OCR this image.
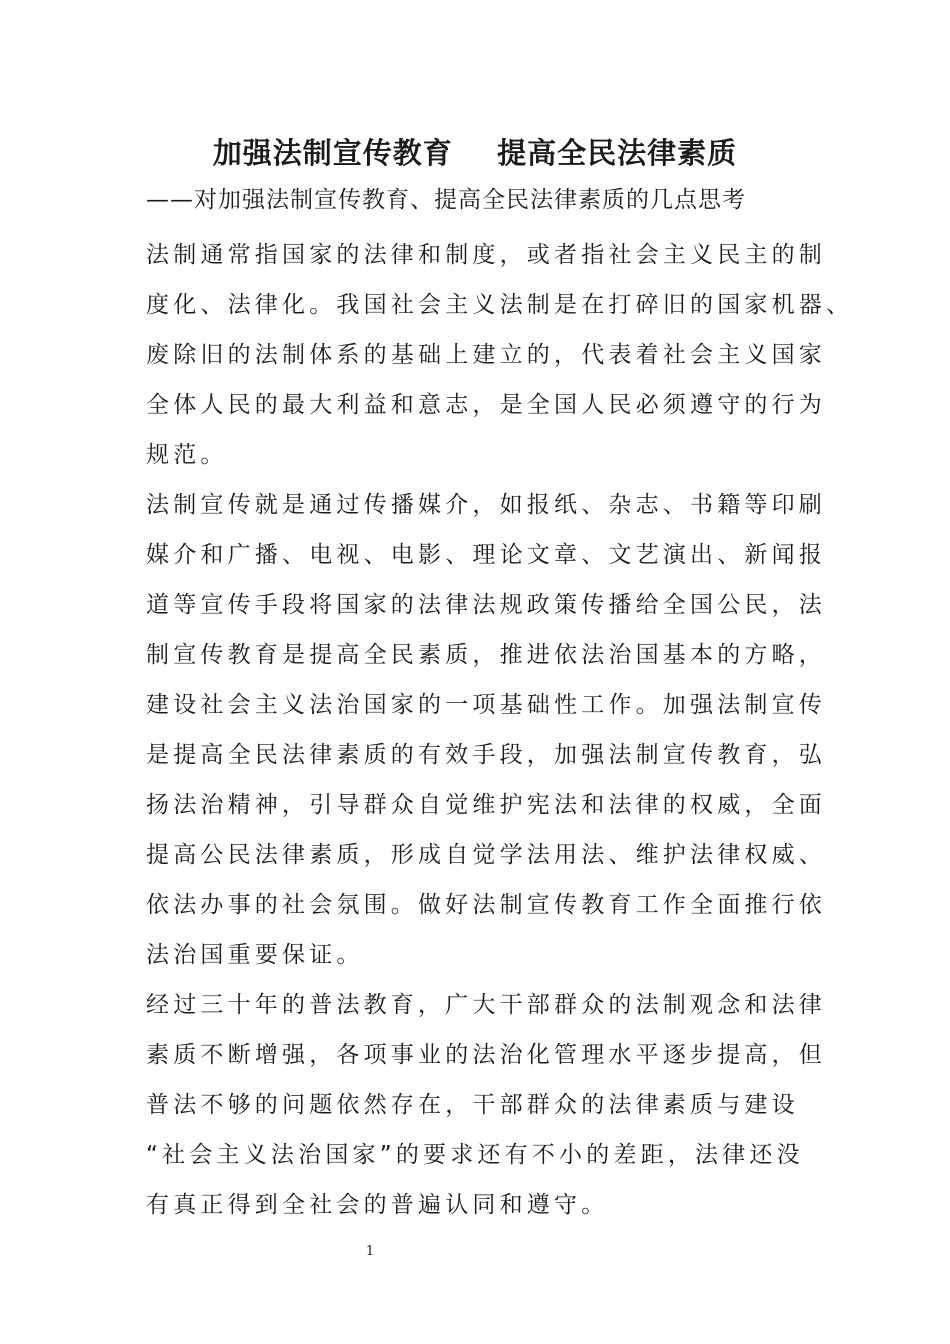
加强法制宣传教育    提高全民法律素质
——对加强法制宣传教育、提高全民法律素质的几点思考
法制通常指国家的法律和制度，或者指社会主义民主的制
度化、法律化。我国社会主义法制是在打碎旧的国家机器、
废除旧的法制体系的基础上建立的，代表着社会主义国家
全体人民的最大利益和意志，是全国人民必须遵守的行为
规范。
法制宣传就是通过传播媒介，如报纸、杂志、书籍等印刷
媒介和广播、电视、电影、理论文章、文艺演出、新闻报
道等宣传手段将国家的法律法规政策传播给全国公民，法
制宣传教育是提高全民素质，推进依法治国基本的方略，
建设社会主义法治国家的一项基础性工作。加强法制宣传
是提高全民法律素质的有效手段，加强法制宣传教育，弘
扬法治精神，引导群众自觉维护宪法和法律的权威，全面
提高公民法律素质，形成自觉学法用法、维护法律权威、
依法办事的社会氛围。做好法制宣传教育工作全面推行依
法治国重要保证。
经过三十年的普法教育，广大干部群众的法制观念和法律
素质不断增强，各项事业的法治化管理水平逐步提高，但
普法不够的问题依然存在，干部群众的法律素质与建设
“社会主义法治国家”的要求还有不小的差距，法律还没
有真正得到全社会的普遍认同和遵守。
1
